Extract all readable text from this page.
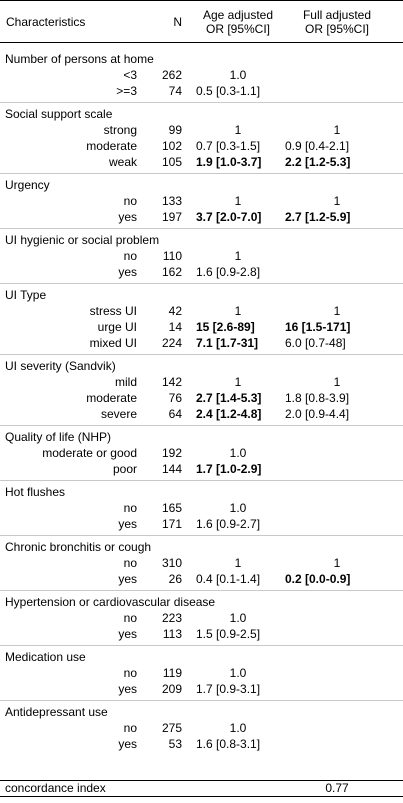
Characteristics	N	Age adjusted
OR [95%CI]
Full adjusted
OR [95%CI]
Number of persons at home
<3	262	1.0
>=3	74 0.5 [0.3-1.1]
Social support scale
strong	99	1	1
moderate	102 0.7 [0.3-1.5] 0.9 [0.4-2.1]
weak	105 1.9 [1.0-3.7] 2.2 [1.2-5.3]
Urgency
no	133	1	1
yes	197 3.7 [2.0-7.0] 2.7 [1.2-5.9]
UI hygienic or social problem
no	110	1
yes	162 1.6 [0.9-2.8]
UI Type
stress UI	42	1	1
urge UI	14 15 [2.6-89]	16 [1.5-171]
mixed UI	224 7.1 [1.7-31] 6.0 [0.7-48]
UI severity (Sandvik)
mild	142	1	1
moderate	76 2.7 [1.4-5.3] 1.8 [0.8-3.9]
severe	64 2.4 [1.2-4.8] 2.0 [0.9-4.4]
Quality of life (NHP)
moderate or good	192	1.0
poor	144 1.7 [1.0-2.9]
Hot flushes
no	165	1.0
yes	171 1.6 [0.9-2.7]
Chronic bronchitis or cough
no	310	1	1
yes	26 0.4 [0.1-1.4] 0.2 [0.0-0.9]
Hypertension or cardiovascular disease
no	223	1.0
yes	113 1.5 [0.9-2.5]
Medication use
no	119	1.0
yes	209 1.7 [0.9-3.1]
Antidepressant use
no	275	1.0
yes	53 1.6 [0.8-3.1]
concordance index	0.77
